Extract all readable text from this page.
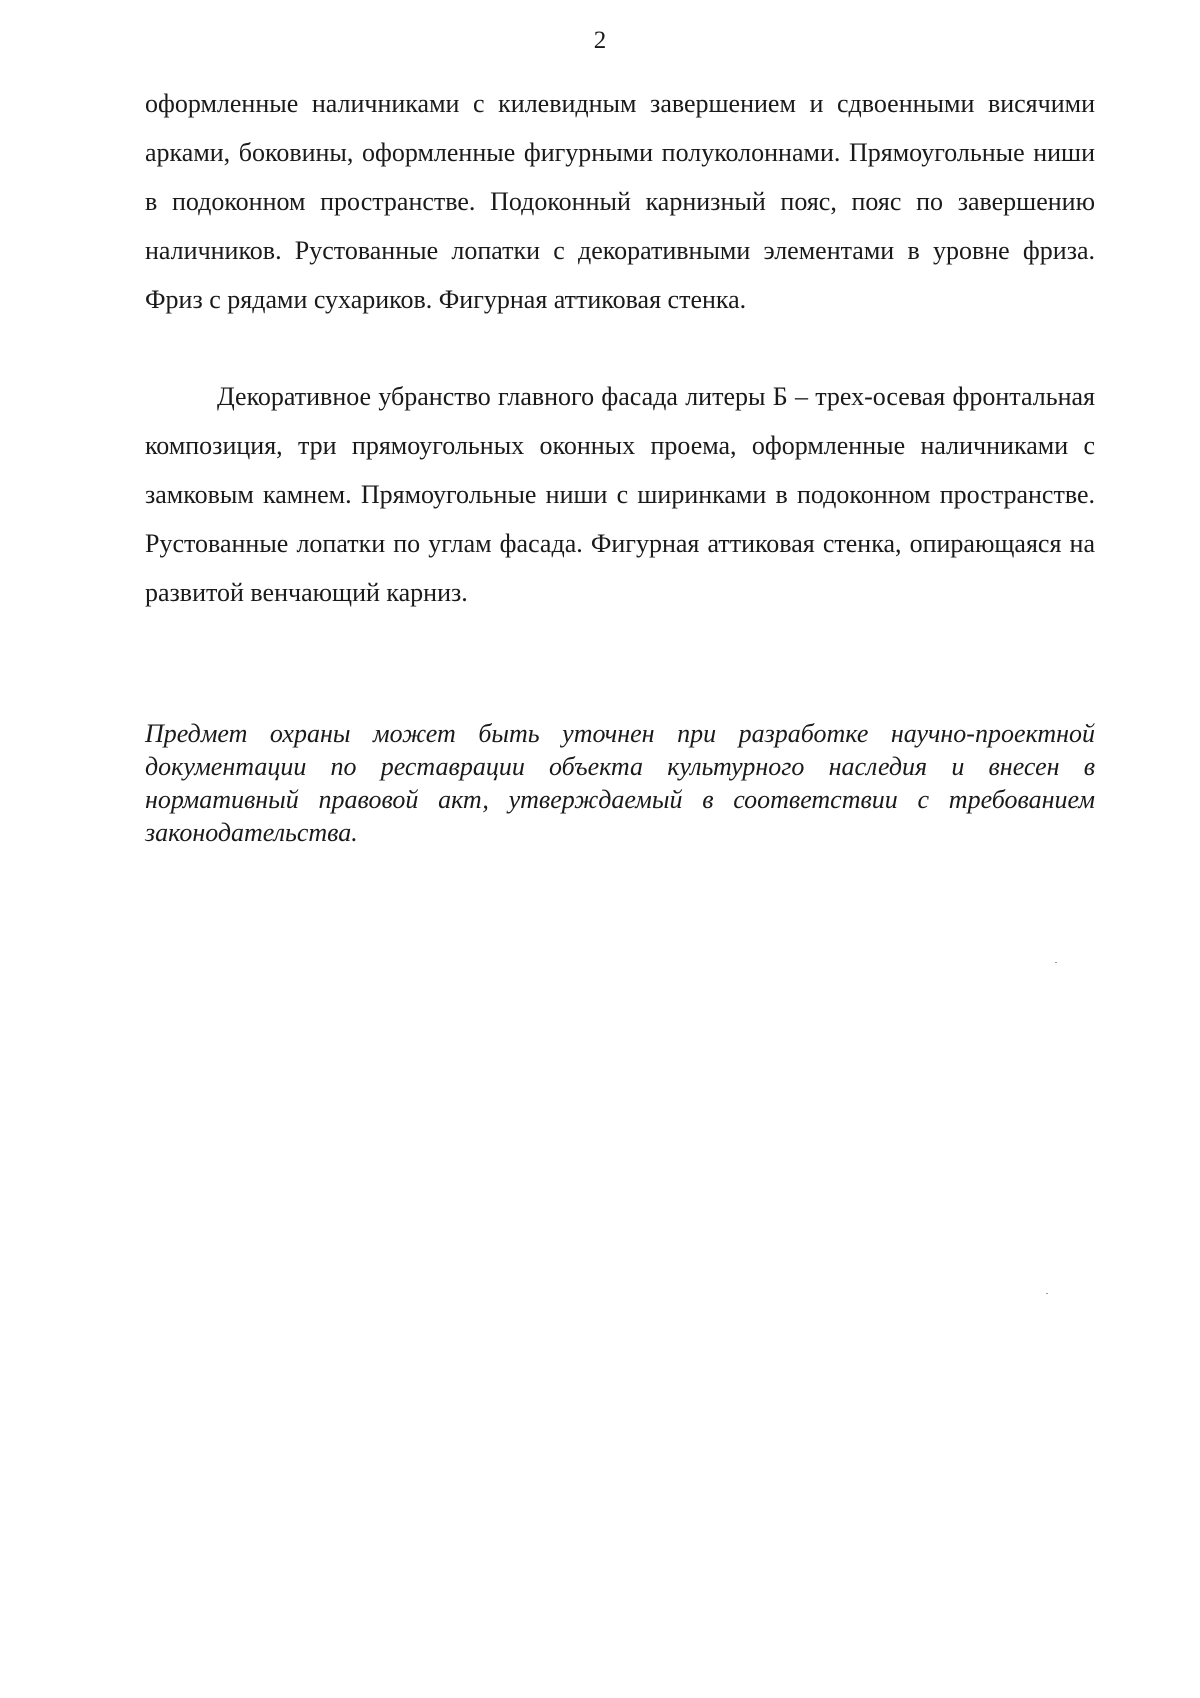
2

оформленные наличниками с килевидным завершением и сдвоенными висячими арками, боковины, оформленные фигурными полуколоннами. Прямоугольные ниши в подоконном пространстве. Подоконный карнизный пояс, пояс по завершению наличников. Рустованные лопатки с декоративными элементами в уровне фриза. Фриз с рядами сухариков. Фигурная аттиковая стенка.

Декоративное убранство главного фасада литеры Б – трех-осевая фронтальная композиция, три прямоугольных оконных проема, оформленные наличниками с замковым камнем. Прямоугольные ниши с ширинками в подоконном пространстве. Рустованные лопатки по углам фасада. Фигурная аттиковая стенка, опирающаяся на развитой венчающий карниз.

Предмет охраны может быть уточнен при разработке научно-проектной документации по реставрации объекта культурного наследия и внесен в нормативный правовой акт, утверждаемый в соответствии с требованием законодательства.
